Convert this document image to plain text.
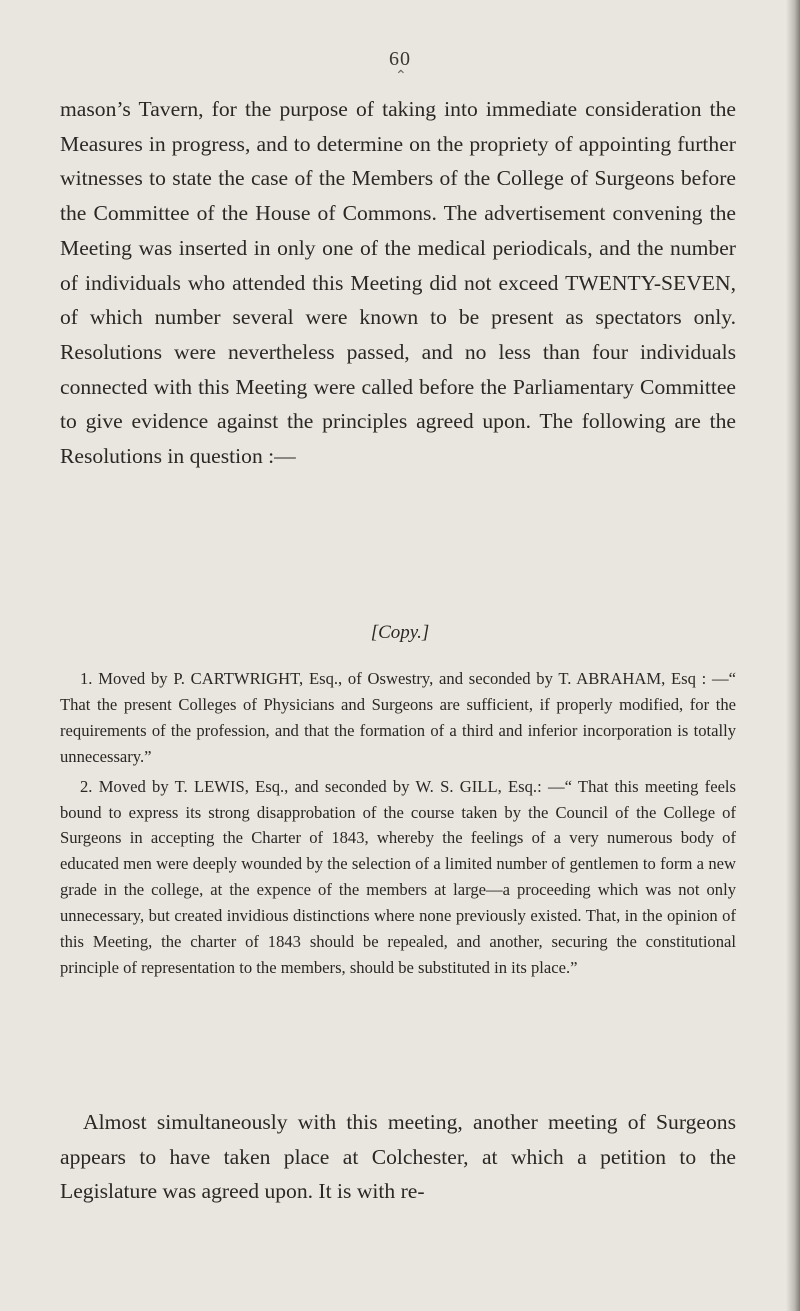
60
⌃

mason’s Tavern, for the purpose of taking into immediate consideration the Measures in progress, and to determine on the propriety of appointing further witnesses to state the case of the Members of the College of Surgeons before the Committee of the House of Commons. The advertisement convening the Meeting was inserted in only one of the medical periodicals, and the number of individuals who attended this Meeting did not exceed TWENTY-SEVEN, of which number several were known to be present as spectators only. Resolutions were nevertheless passed, and no less than four individuals connected with this Meeting were called before the Parliamentary Committee to give evidence against the principles agreed upon. The following are the Resolutions in question :—

[Copy.]

1. Moved by P. CARTWRIGHT, Esq., of Oswestry, and seconded by T. ABRAHAM, Esq : —“ That the present Colleges of Physicians and Surgeons are sufficient, if properly modified, for the requirements of the profession, and that the formation of a third and inferior incorporation is totally unnecessary.”

2. Moved by T. LEWIS, Esq., and seconded by W. S. GILL, Esq.: —“ That this meeting feels bound to express its strong disapprobation of the course taken by the Council of the College of Surgeons in accepting the Charter of 1843, whereby the feelings of a very numerous body of educated men were deeply wounded by the selection of a limited number of gentlemen to form a new grade in the college, at the expence of the members at large—a proceeding which was not only unnecessary, but created invidious distinctions where none previously existed. That, in the opinion of this Meeting, the charter of 1843 should be repealed, and another, securing the constitutional principle of representation to the members, should be substituted in its place.”

Almost simultaneously with this meeting, another meeting of Surgeons appears to have taken place at Colchester, at which a petition to the Legislature was agreed upon. It is with re-
